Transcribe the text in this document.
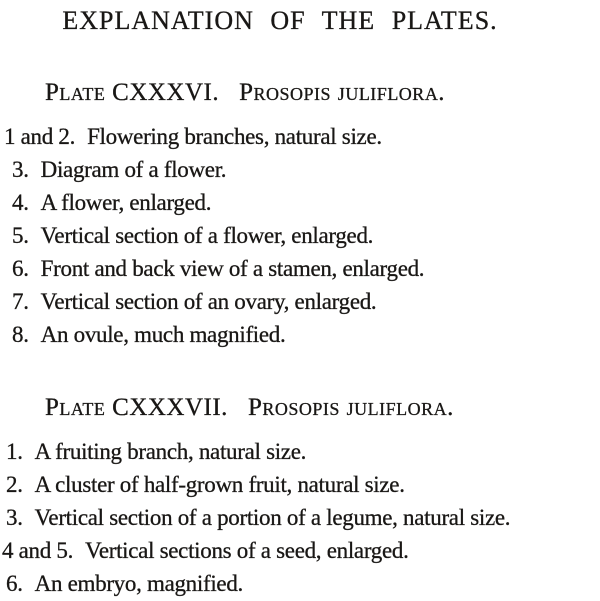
EXPLANATION OF THE PLATES.
Plate CXXXVI. Prosopis juliflora.

1 and 2. Flowering branches, natural size.

3. Diagram of a flower.

4. A flower, enlarged.

5. Vertical section of a flower, enlarged.

6. Front and back view of a stamen, enlarged.

7. Vertical section of an ovary, enlarged.

8. An ovule, much magnified.

Plate CXXXVII. Prosopis juliflora.

1. A fruiting branch, natural size.

2. A cluster of half-grown fruit, natural size.

3. Vertical section of a portion of a legume, natural size.

4 and 5. Vertical sections of a seed, enlarged.

6. An embryo, magnified.
